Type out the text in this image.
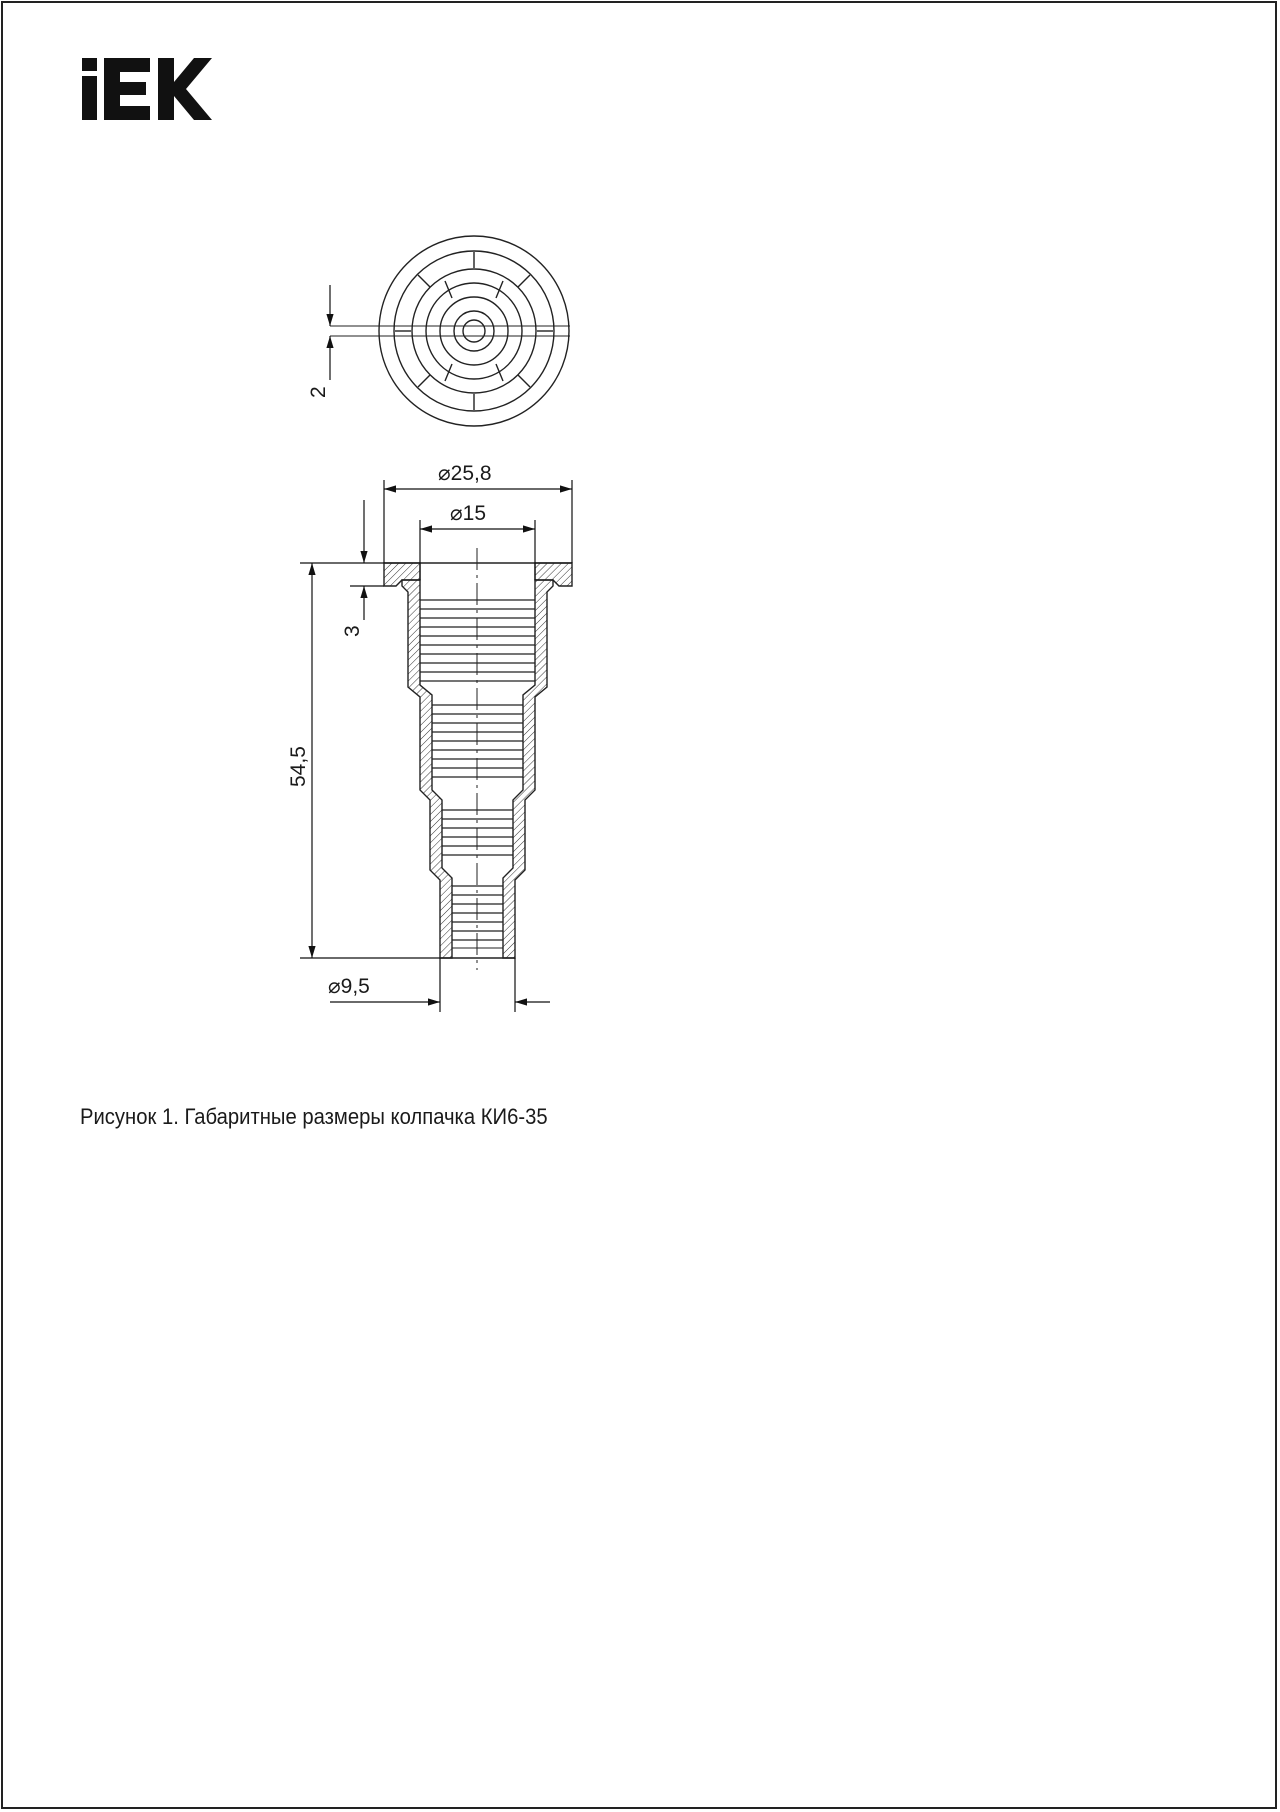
2
⌀25,8
⌀15
3
54,5
⌀9,5
Рисунок 1. Габаритные размеры колпачка КИ6-35
